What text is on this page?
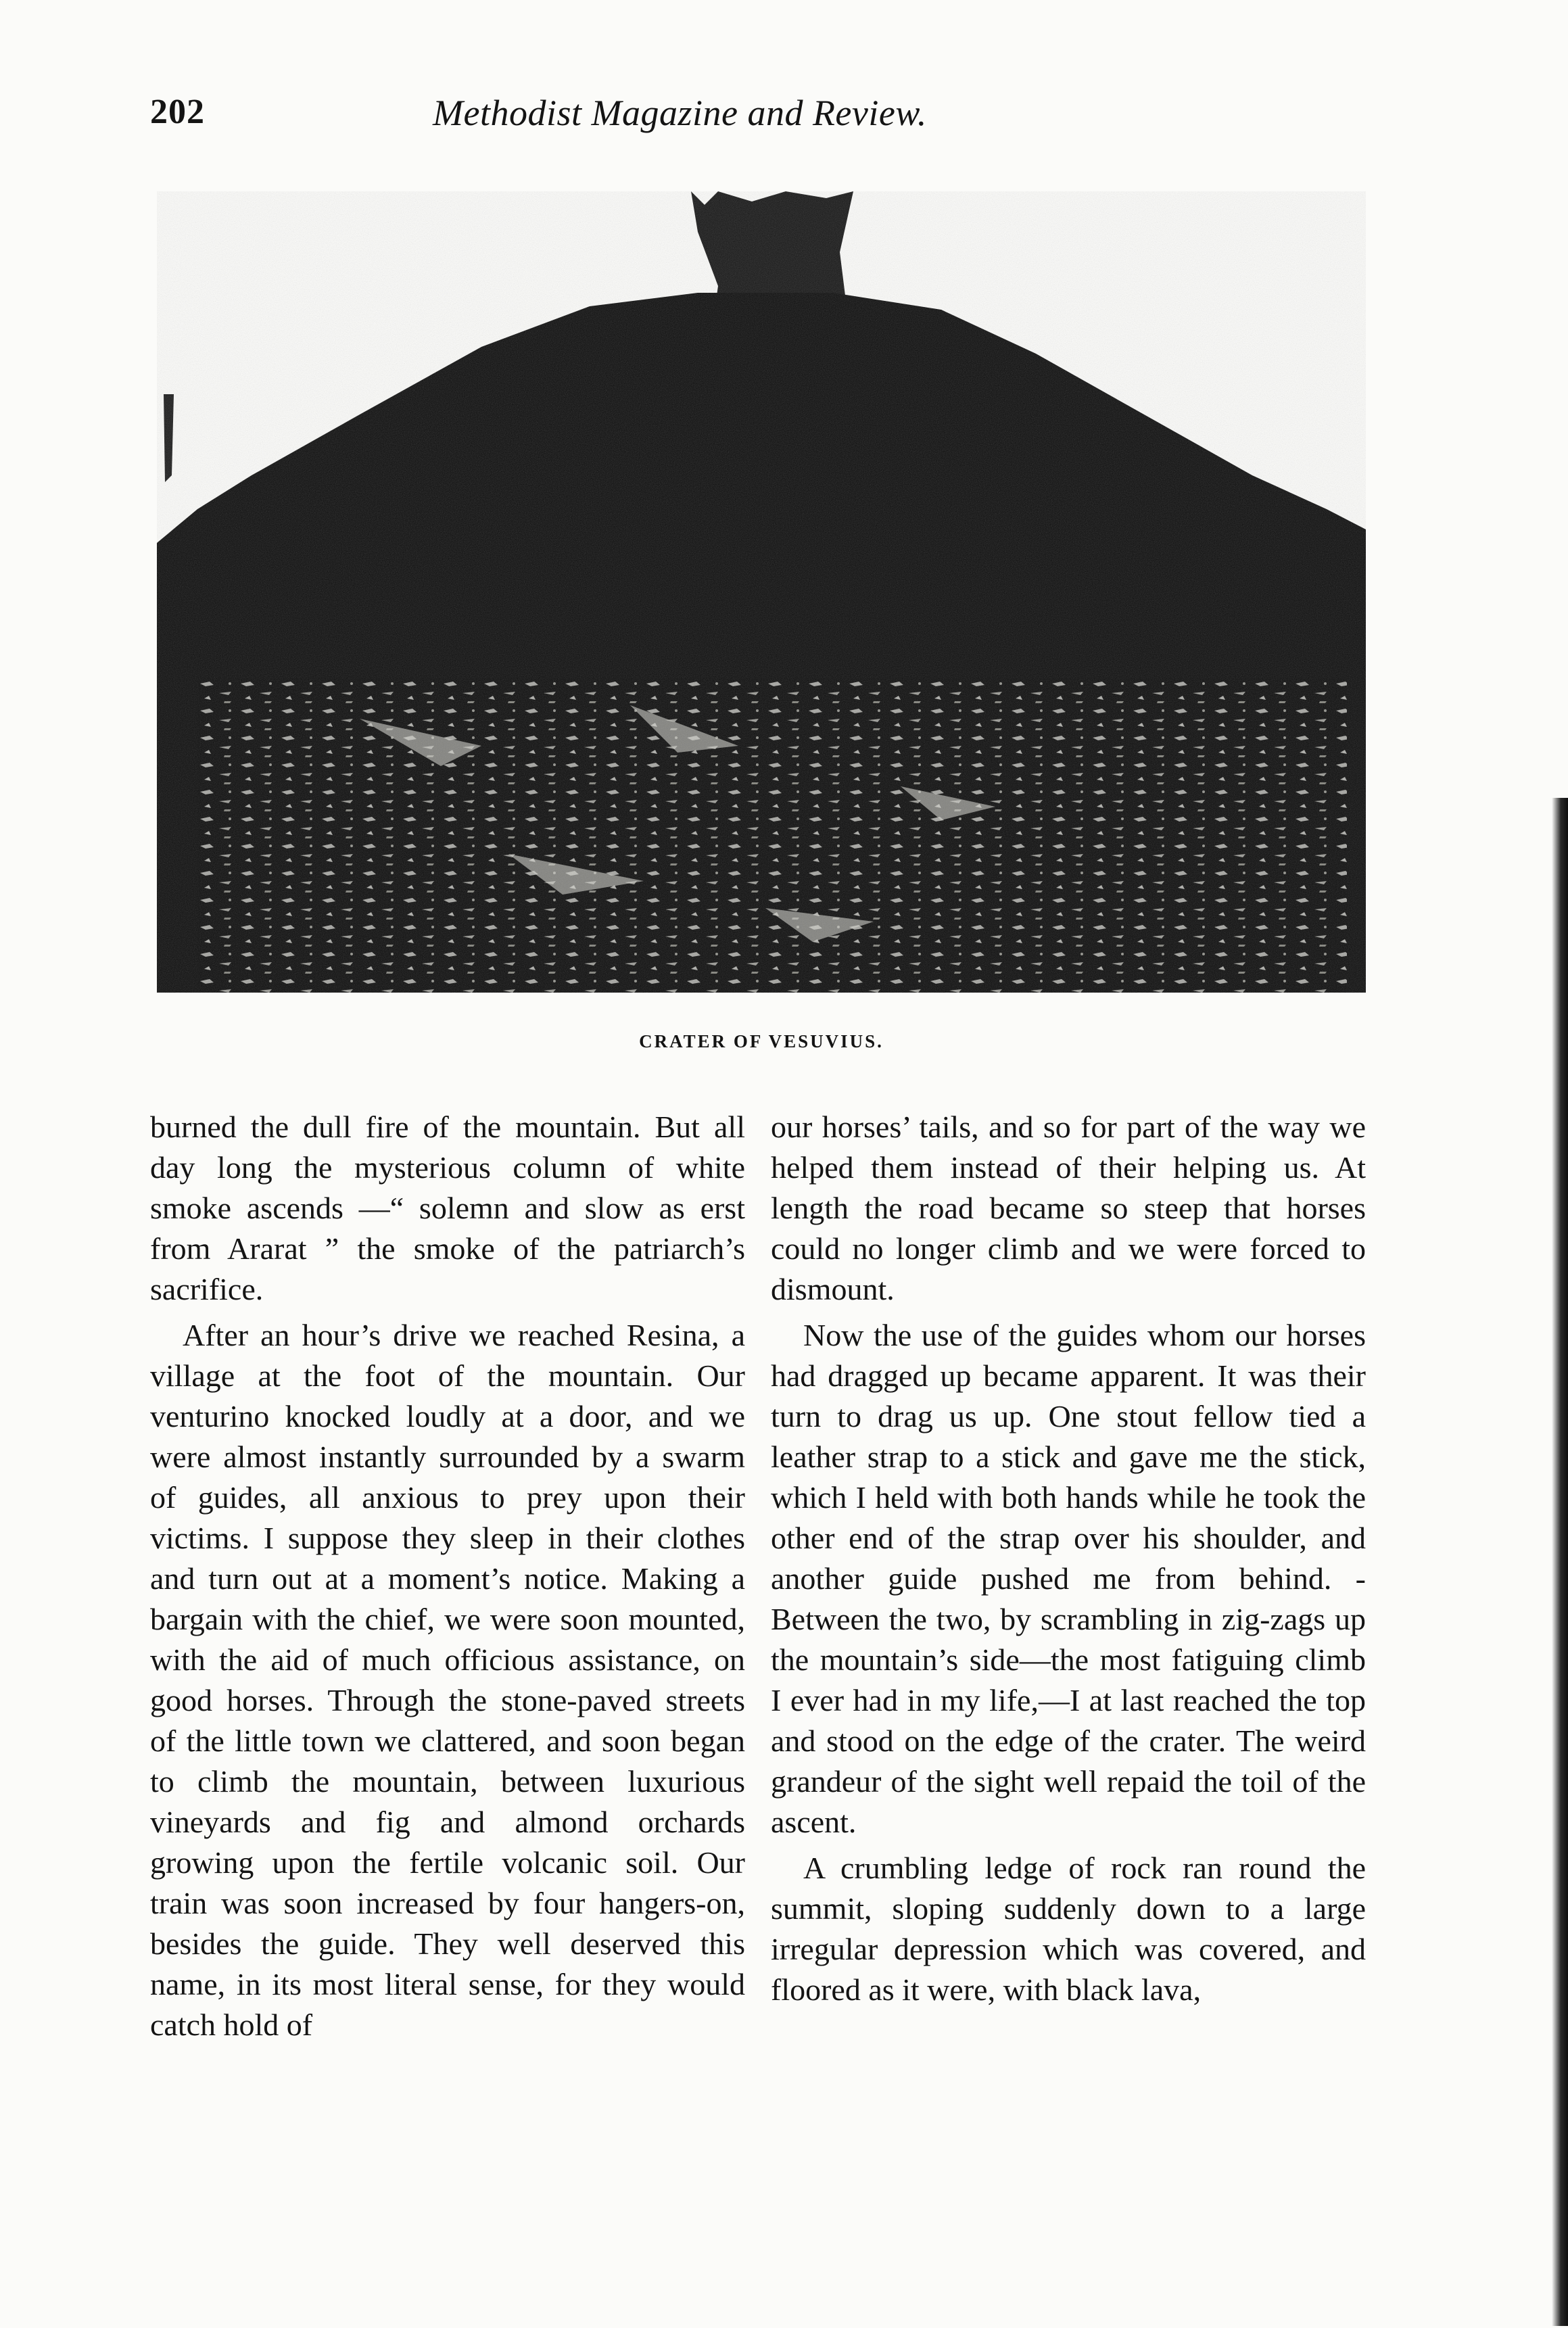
202	Methodist Magazine and Review.
CRATER OF VESUVIUS.

burned the dull fire of the mountain. But all day long the mysterious column of white smoke ascends —“ solemn and slow as erst from Ararat ” the smoke of the patriarch’s sacrifice.

After an hour’s drive we reached Resina, a village at the foot of the mountain. Our venturino knocked loudly at a door, and we were almost instantly surrounded by a swarm of guides, all anxious to prey upon their victims. I suppose they sleep in their clothes and turn out at a moment’s notice. Making a bargain with the chief, we were soon mounted, with the aid of much officious assistance, on good horses. Through the stone-paved streets of the little town we clattered, and soon began to climb the mountain, between luxurious vineyards and fig and almond orchards growing upon the fertile volcanic soil. Our train was soon increased by four hangers-on, besides the guide. They well deserved this name, in its most literal sense, for they would catch hold of

our horses’ tails, and so for part of the way we helped them instead of their helping us. At length the road became so steep that horses could no longer climb and we were forced to dismount.

Now the use of the guides whom our horses had dragged up became apparent. It was their turn to drag us up. One stout fellow tied a leather strap to a stick and gave me the stick, which I held with both hands while he took the other end of the strap over his shoulder, and another guide pushed me from behind. - Between the two, by scrambling in zig-zags up the mountain’s side—the most fatiguing climb I ever had in my life,—I at last reached the top and stood on the edge of the crater. The weird grandeur of the sight well repaid the toil of the ascent.

A crumbling ledge of rock ran round the summit, sloping suddenly down to a large irregular depression which was covered, and floored as it were, with black lava,
